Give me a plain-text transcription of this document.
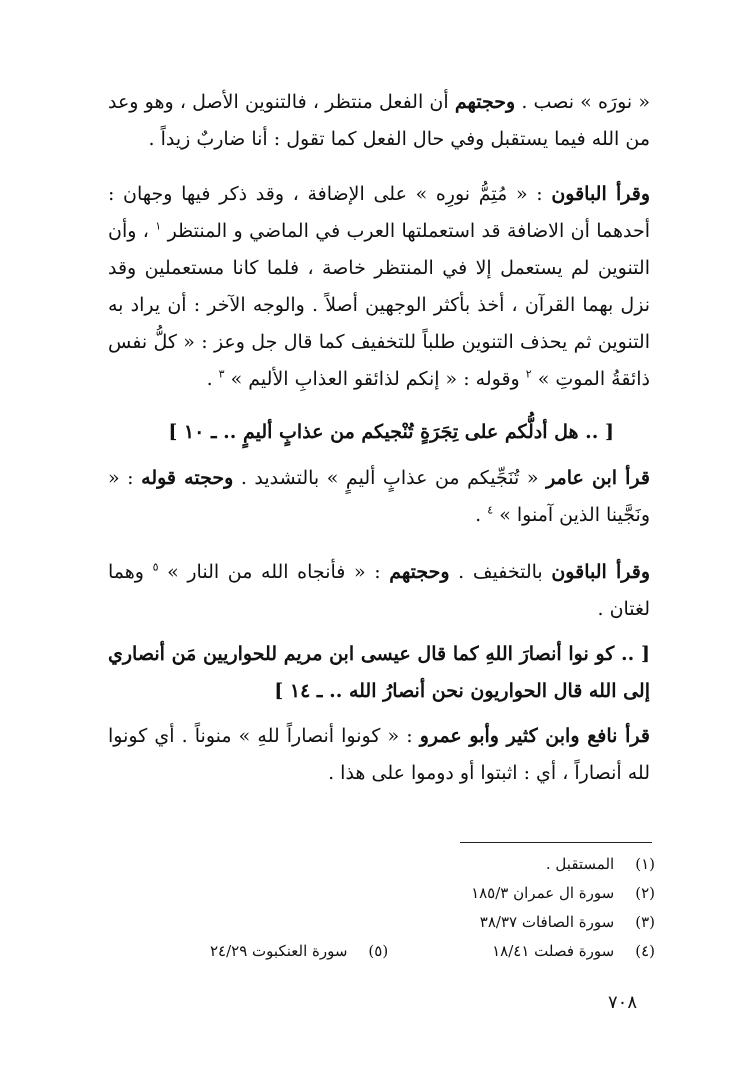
« نورَه » نصب . وحجتهم أن الفعل منتظر ، فالتنوين الأصل ، وهو وعد من الله فيما يستقبل وفي حال الفعل كما تقول : أنا ضاربٌ زيداً .

وقرأ الباقون : « مُتِمُّ نورِه » على الإضافة ، وقد ذكر فيها وجهان : أحدهما أن الاضافة قد استعملتها العرب في الماضي و المنتظر $^١$ ، وأن التنوين لم يستعمل إلا في المنتظر خاصة ، فلما كانا مستعملين وقد نزل بهما القرآن ، أخذ بأكثر الوجهين أصلاً . والوجه الآخر : أن يراد به التنوين ثم يحذف التنوين طلباً للتخفيف كما قال جل وعز : « كلُّ نفس ذائقةُ الموتِ » $^٢$ وقوله : « إنكم لذائقو العذابِ الأليم » $^٣$ .

[ .. هل أدلُّكم على تِجَرَةٍ تُنْجيكم من عذابٍ أليمٍ .. ـ ١٠ ]

قرأ ابن عامر « تُنَجِّيكم من عذابٍ أليمٍ » بالتشديد . وحجته قوله : « ونَجَّينا الذين آمنوا » $^٤$ .

وقرأ الباقون بالتخفيف . وحجتهم : « فأنجاه الله من النار » $^٥$ وهما لغتان .

[ .. كو نوا أنصارَ اللهِ كما قال عيسى ابن مريم للحواريين مَن أنصاري إلى الله قال الحواريون نحن أنصارُ الله .. ـ ١٤ ]

قرأ نافع وابن كثير وأبو عمرو : « كونوا أنصاراً للهِ » منوناً . أي كونوا لله أنصاراً ، أي : اثبتوا أو دوموا على هذا .

(١) المستقبل .
(٢) سورة ال عمران ١٨٥/٣
(٣) سورة الصافات ٣٨/٣٧
(٤) سورة فصلت ١٨/٤١
(٥) سورة العنكبوت ٢٤/٢٩
٧٠٨
